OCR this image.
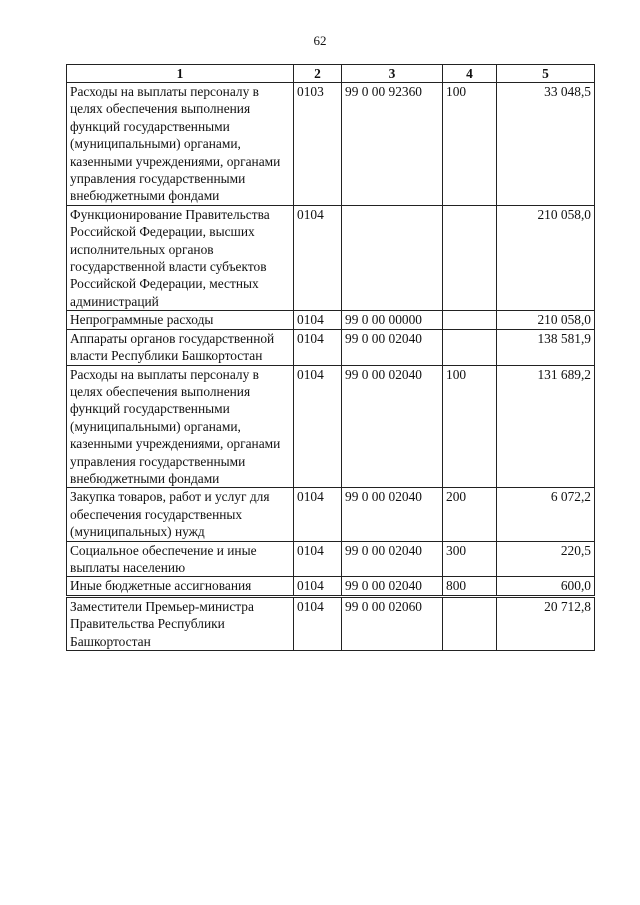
62
1	2	3	4	5
Расходы на выплаты персоналу в целях обеспечения выполнения функций государственными (муниципальными) органами, казенными учреждениями, органами управления государственными внебюджетными фондами	0103	99 0 00 92360	100	33 048,5
Функционирование Правительства Российской Федерации, высших исполнительных органов государственной власти субъектов Российской Федерации, местных администраций	0104			210 058,0
Непрограммные расходы	0104	99 0 00 00000		210 058,0
Аппараты органов государственной власти Республики Башкортостан	0104	99 0 00 02040		138 581,9
Расходы на выплаты персоналу в целях обеспечения выполнения функций государственными (муниципальными) органами, казенными учреждениями, органами управления государственными внебюджетными фондами	0104	99 0 00 02040	100	131 689,2
Закупка товаров, работ и услуг для обеспечения государственных (муниципальных) нужд	0104	99 0 00 02040	200	6 072,2
Социальное обеспечение и иные выплаты населению	0104	99 0 00 02040	300	220,5
Иные бюджетные ассигнования	0104	99 0 00 02040	800	600,0
Заместители Премьер-министра Правительства Республики Башкортостан	0104	99 0 00 02060		20 712,8
